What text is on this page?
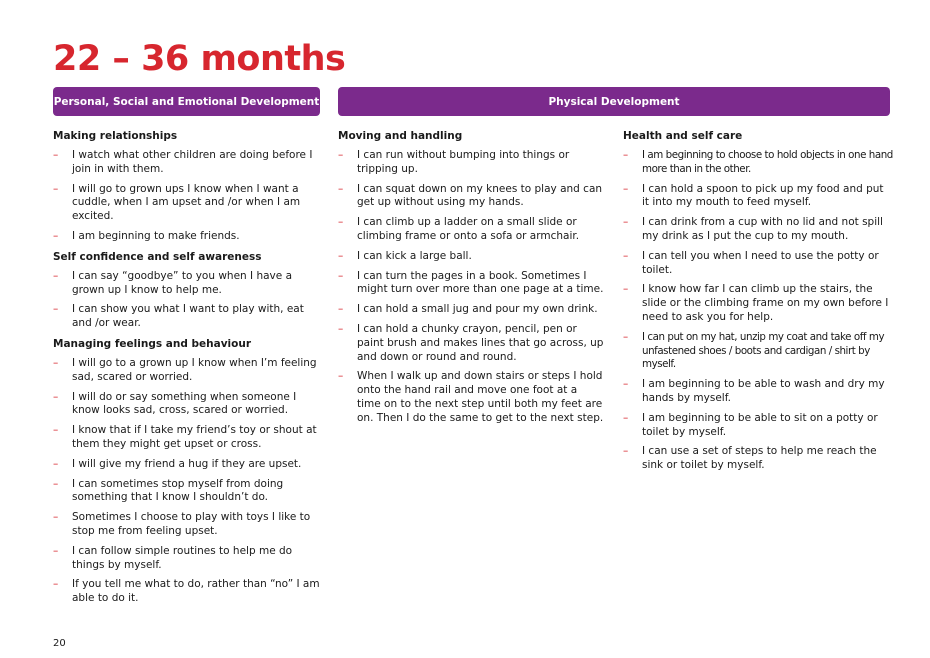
22 – 36 months
Personal, Social and Emotional Development	Physical Development
Making relationships
– I watch what other children are doing before I join in with them.
– I will go to grown ups I know when I want a cuddle, when I am upset and /or when I am excited.
– I am beginning to make friends.
Self confidence and self awareness
– I can say “goodbye” to you when I have a grown up I know to help me.
– I can show you what I want to play with, eat and /or wear.
Managing feelings and behaviour
– I will go to a grown up I know when I’m feeling sad, scared or worried.
– I will do or say something when someone I know looks sad, cross, scared or worried.
– I know that if I take my friend’s toy or shout at them they might get upset or cross.
– I will give my friend a hug if they are upset.
– I can sometimes stop myself from doing something that I know I shouldn’t do.
– Sometimes I choose to play with toys I like to stop me from feeling upset.
– I can follow simple routines to help me do things by myself.
– If you tell me what to do, rather than “no” I am able to do it.
Moving and handling
– I can run without bumping into things or tripping up.
– I can squat down on my knees to play and can get up without using my hands.
– I can climb up a ladder on a small slide or climbing frame or onto a sofa or armchair.
– I can kick a large ball.
– I can turn the pages in a book. Sometimes I might turn over more than one page at a time.
– I can hold a small jug and pour my own drink.
– I can hold a chunky crayon, pencil, pen or paint brush and makes lines that go across, up and down or round and round.
– When I walk up and down stairs or steps I hold onto the hand rail and move one foot at a time on to the next step until both my feet are on. Then I do the same to get to the next step.
Health and self care
– I am beginning to choose to hold objects in one hand more than in the other.
– I can hold a spoon to pick up my food and put it into my mouth to feed myself.
– I can drink from a cup with no lid and not spill my drink as I put the cup to my mouth.
– I can tell you when I need to use the potty or toilet.
– I know how far I can climb up the stairs, the slide or the climbing frame on my own before I need to ask you for help.
– I can put on my hat, unzip my coat and take off my unfastened shoes / boots and cardigan / shirt by myself.
– I am beginning to be able to wash and dry my hands by myself.
– I am beginning to be able to sit on a potty or toilet by myself.
– I can use a set of steps to help me reach the sink or toilet by myself.
20
